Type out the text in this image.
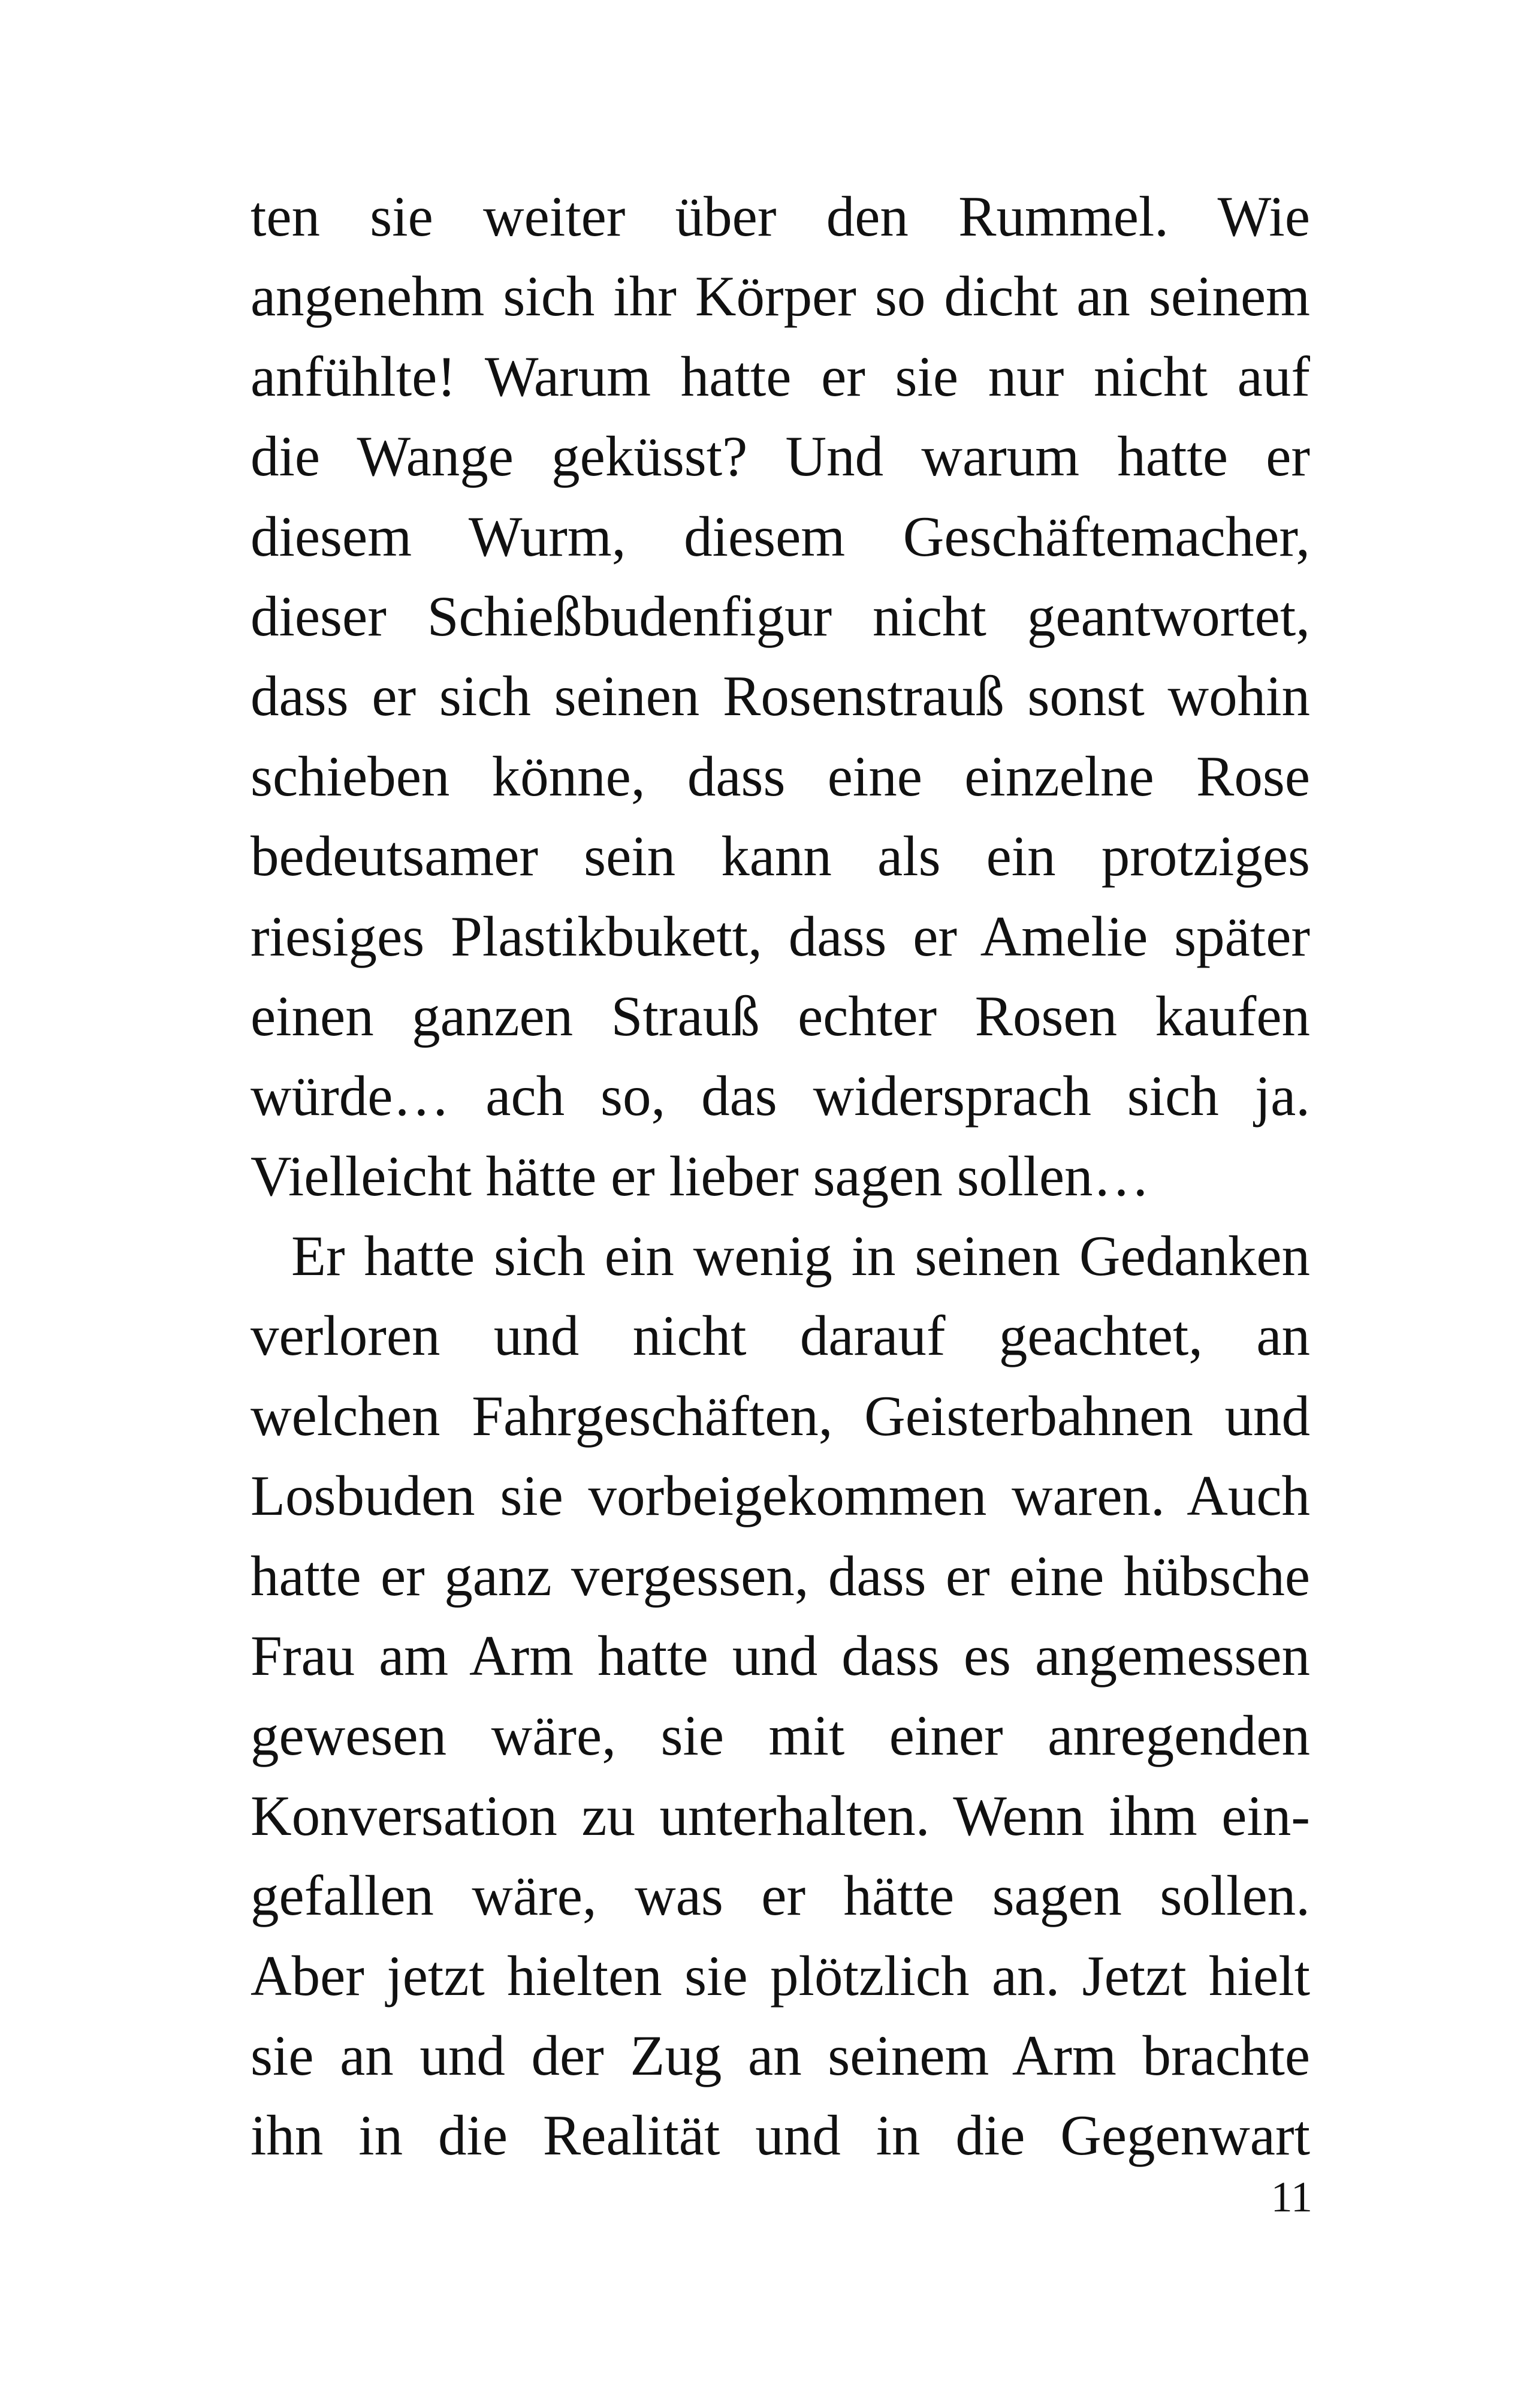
ten sie weiter über den Rummel. Wie
angenehm sich ihr Körper so dicht an seinem
anfühlte! Warum hatte er sie nur nicht auf
die Wange geküsst? Und warum hatte er
diesem Wurm, diesem Geschäftemacher,
dieser Schießbudenfigur nicht geantwortet,
dass er sich seinen Rosenstrauß sonst wohin
schieben könne, dass eine einzelne Rose
bedeutsamer sein kann als ein protziges
riesiges Plastikbukett, dass er Amelie später
einen ganzen Strauß echter Rosen kaufen
würde… ach so, das widersprach sich ja.
Vielleicht hätte er lieber sagen sollen…
Er hatte sich ein wenig in seinen Gedanken
verloren und nicht darauf geachtet, an
welchen Fahrgeschäften, Geisterbahnen und
Losbuden sie vorbeigekommen waren. Auch
hatte er ganz vergessen, dass er eine hübsche
Frau am Arm hatte und dass es angemessen
gewesen wäre, sie mit einer anregenden
Konversation zu unterhalten. Wenn ihm ein-
gefallen wäre, was er hätte sagen sollen.
Aber jetzt hielten sie plötzlich an. Jetzt hielt
sie an und der Zug an seinem Arm brachte
ihn in die Realität und in die Gegenwart
11
